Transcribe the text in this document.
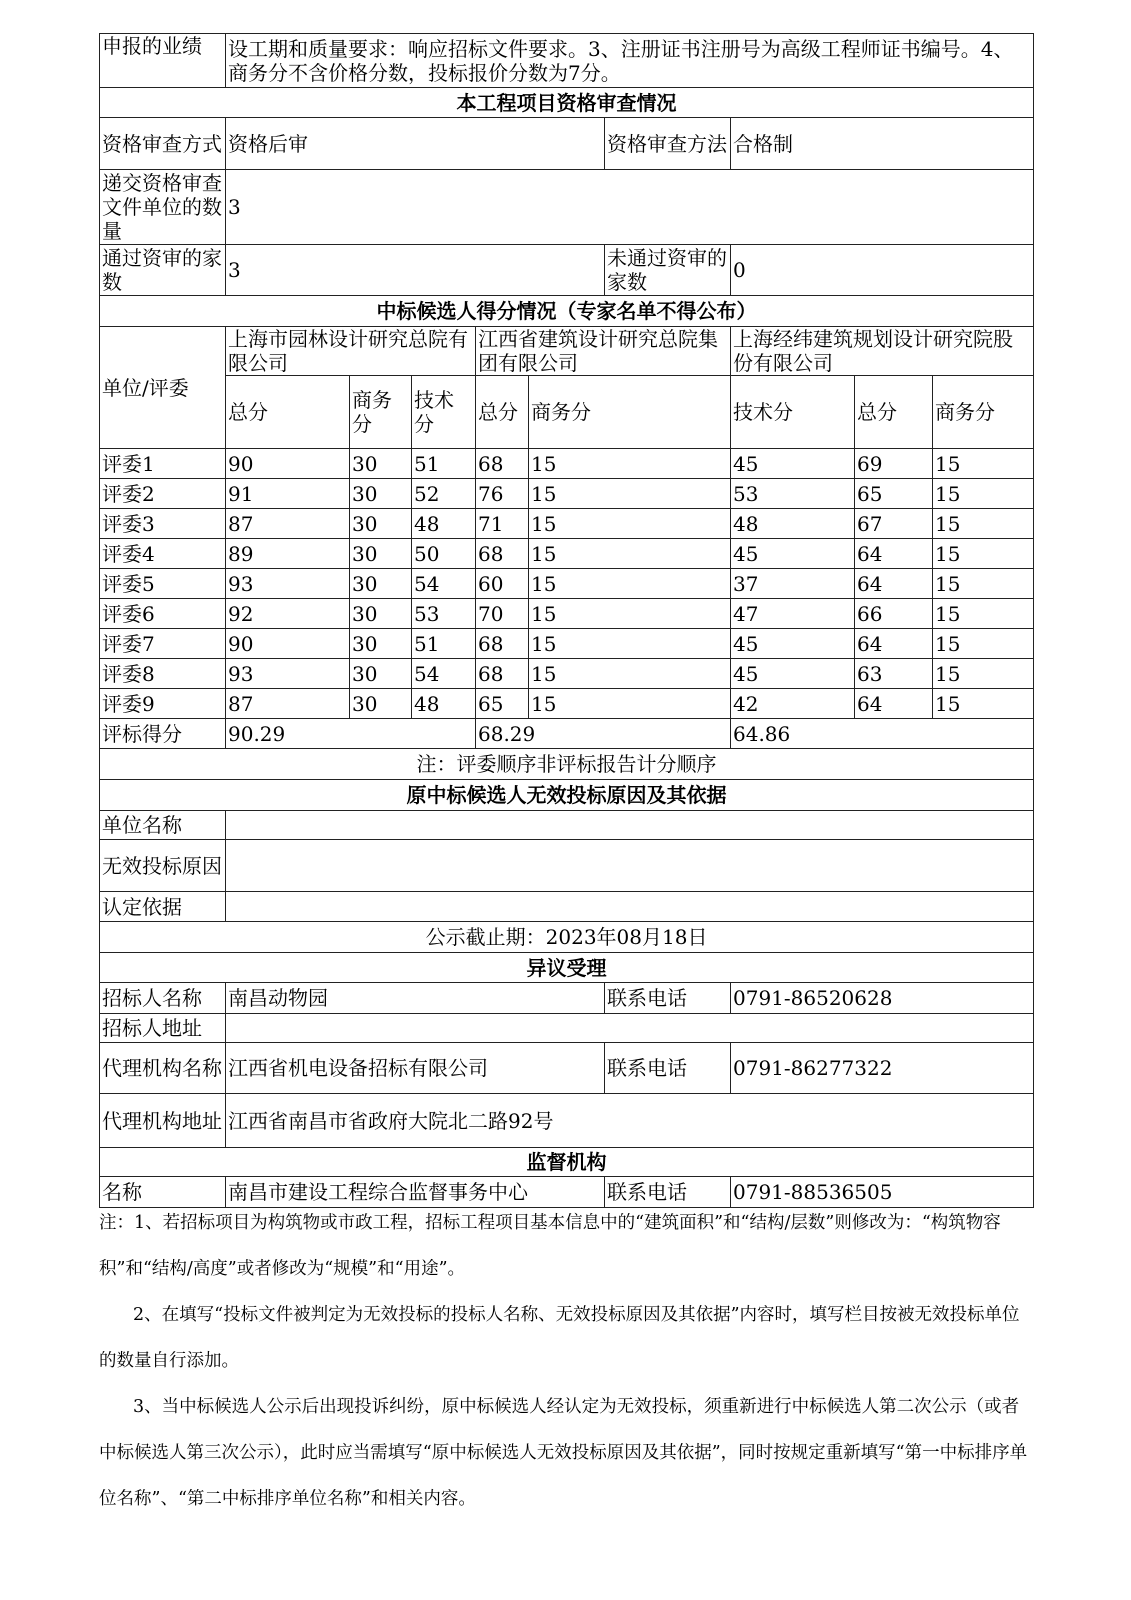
申报的业绩	设工期和质量要求：响应招标文件要求。3、注册证书注册号为高级工程师证书编号。4、商务分不含价格分数，投标报价分数为7分。									
本工程项目资格审查情况										
资格审查方式	资格后审					资格审查方法	合格制			
递交资格审查文件单位的数量	3									
通过资审的家数	3					未通过资审的家数	0			
中标候选人得分情况（专家名单不得公布）										
单位/评委	上海市园林设计研究总院有限公司			江西省建筑设计研究总院集团有限公司			上海经纬建筑规划设计研究院股份有限公司			
	总分	商务分	技术分	总分	商务分		技术分	总分	商务分	
评委1	90	30	51	68	15		45	69	15	
评委2	91	30	52	76	15		53	65	15	
评委3	87	30	48	71	15		48	67	15	
评委4	89	30	50	68	15		45	64	15	
评委5	93	30	54	60	15		37	64	15	
评委6	92	30	53	70	15		47	66	15	
评委7	90	30	51	68	15		45	64	15	
评委8	93	30	54	68	15		45	63	15	
评委9	87	30	48	65	15		42	64	15	
评标得分	90.29			68.29			64.86			
注：评委顺序非评标报告计分顺序										
原中标候选人无效投标原因及其依据										
单位名称										
无效投标原因										
认定依据										
公示截止期：2023年08月18日										
异议受理										
招标人名称	南昌动物园					联系电话	0791-86520628			
招标人地址										
代理机构名称	江西省机电设备招标有限公司					联系电话	0791-86277322			
代理机构地址	江西省南昌市省政府大院北二路92号									
监督机构										
名称	南昌市建设工程综合监督事务中心					联系电话	0791-88536505			

注：1、若招标项目为构筑物或市政工程，招标工程项目基本信息中的“建筑面积”和“结构/层数”则修改为：“构筑物容积”和“结构/高度”或者修改为“规模”和“用途”。

2、在填写“投标文件被判定为无效投标的投标人名称、无效投标原因及其依据”内容时，填写栏目按被无效投标单位的数量自行添加。

3、当中标候选人公示后出现投诉纠纷，原中标候选人经认定为无效投标，须重新进行中标候选人第二次公示（或者中标候选人第三次公示），此时应当需填写“原中标候选人无效投标原因及其依据”，同时按规定重新填写“第一中标排序单位名称”、“第二中标排序单位名称”和相关内容。
